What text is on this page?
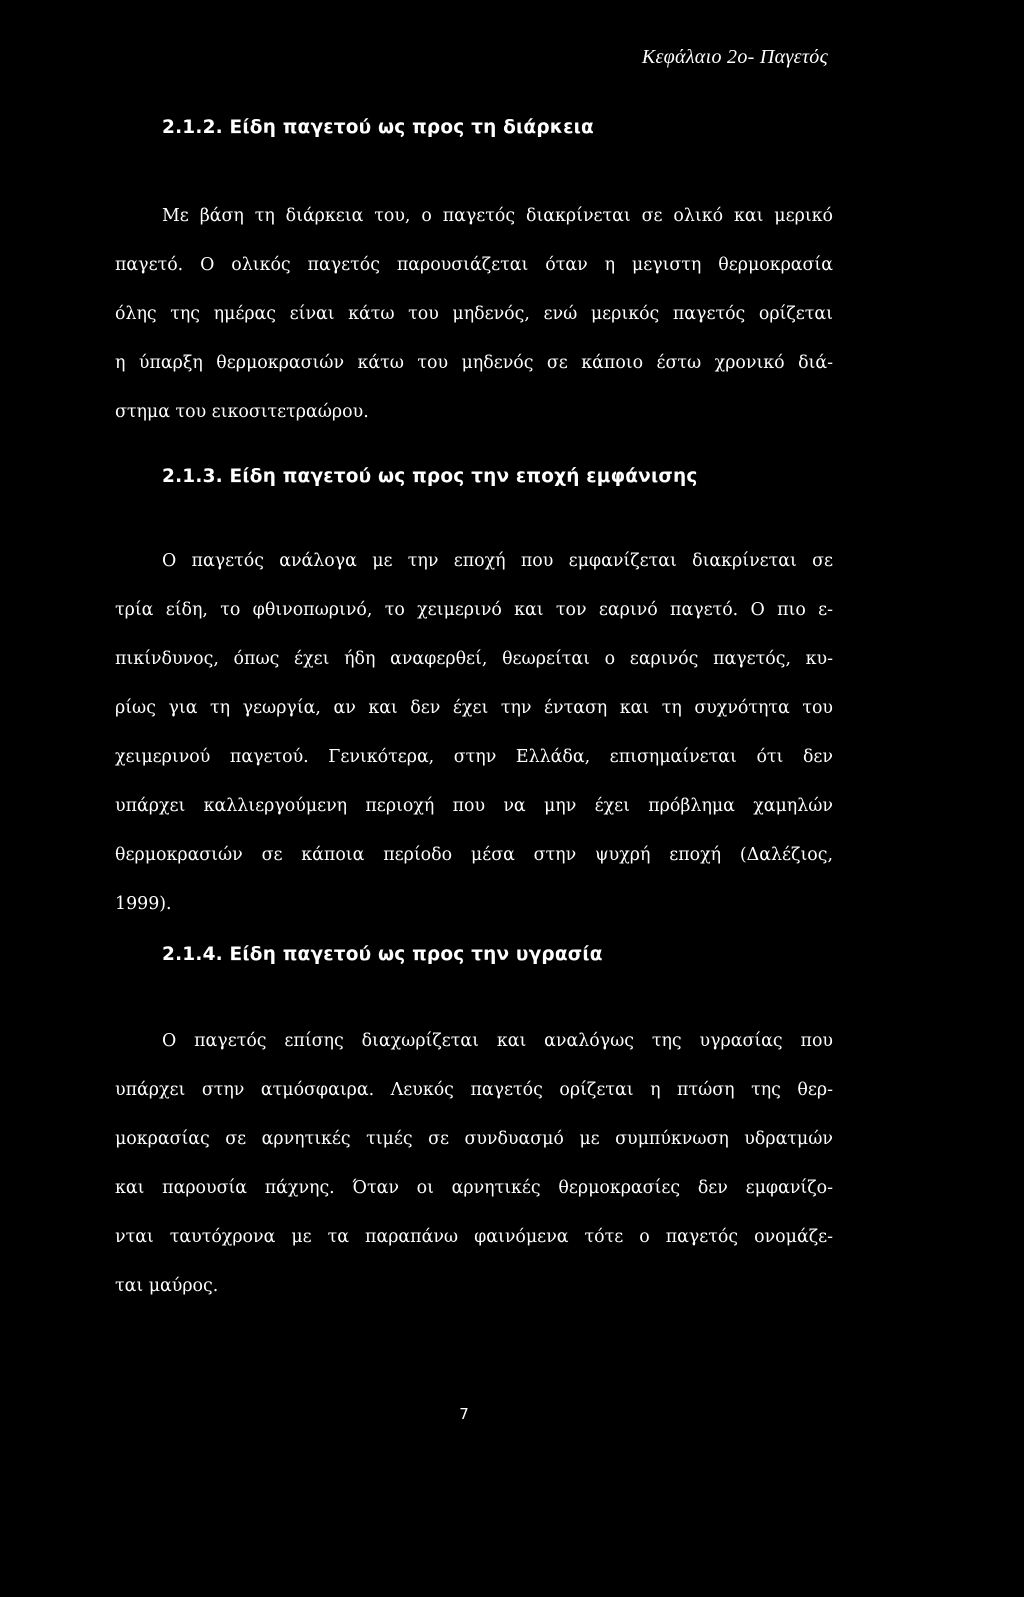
Κεφάλαιο 2ο- Παγετός
2.1.2. Είδη παγετού ως προς τη διάρκεια
Με βάση τη διάρκεια του, ο παγετός διακρίνεται σε ολικό και μερικό
παγετό. Ο ολικός παγετός παρουσιάζεται όταν η μεγιστη θερμοκρασία
όλης της ημέρας είναι κάτω του μηδενός, ενώ μερικός παγετός ορίζεται
η ύπαρξη θερμοκρασιών κάτω του μηδενός σε κάποιο έστω χρονικό διά-
στημα του εικοσιτετραώρου.
2.1.3. Είδη παγετού ως προς την εποχή εμφάνισης
Ο παγετός ανάλογα με την εποχή που εμφανίζεται διακρίνεται σε
τρία είδη, το φθινοπωρινό, το χειμερινό και τον εαρινό παγετό. Ο πιο ε-
πικίνδυνος, όπως έχει ήδη αναφερθεί, θεωρείται ο εαρινός παγετός, κυ-
ρίως για τη γεωργία, αν και δεν έχει την ένταση και τη συχνότητα του
χειμερινού παγετού. Γενικότερα, στην Ελλάδα, επισημαίνεται ότι δεν
υπάρχει καλλιεργούμενη περιοχή που να μην έχει πρόβλημα χαμηλών
θερμοκρασιών σε κάποια περίοδο μέσα στην ψυχρή εποχή (Δαλέζιος,
1999).
2.1.4. Είδη παγετού ως προς την υγρασία
Ο παγετός επίσης διαχωρίζεται και αναλόγως της υγρασίας που
υπάρχει στην ατμόσφαιρα. Λευκός παγετός ορίζεται η πτώση της θερ-
μοκρασίας σε αρνητικές τιμές σε συνδυασμό με συμπύκνωση υδρατμών
και παρουσία πάχνης. Όταν οι αρνητικές θερμοκρασίες δεν εμφανίζο-
νται ταυτόχρονα με τα παραπάνω φαινόμενα τότε ο παγετός ονομάζε-
ται μαύρος.
7
